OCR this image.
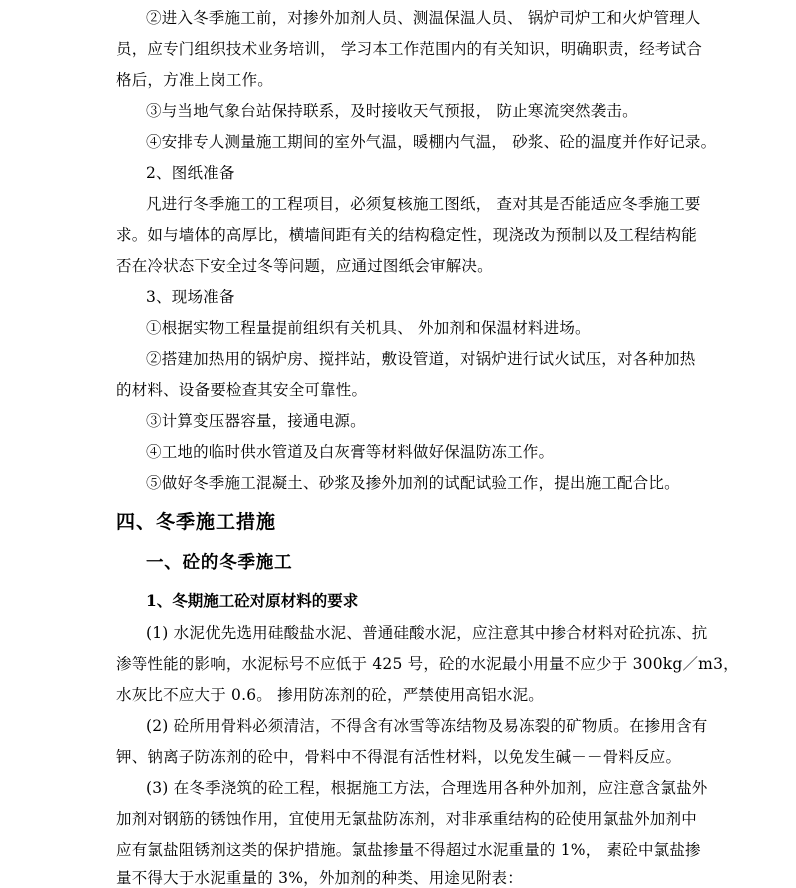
②进入冬季施工前，对掺外加剂人员、测温保温人员、 锅炉司炉工和火炉管理人
员，应专门组织技术业务培训， 学习本工作范围内的有关知识，明确职责，经考试合
格后，方准上岗工作。
③与当地气象台站保持联系，及时接收天气预报， 防止寒流突然袭击。
④安排专人测量施工期间的室外气温，暖棚内气温， 砂浆、砼的温度并作好记录。
2、图纸准备
凡进行冬季施工的工程项目，必须复核施工图纸， 查对其是否能适应冬季施工要
求。如与墙体的高厚比，横墙间距有关的结构稳定性，现浇改为预制以及工程结构能
否在冷状态下安全过冬等问题，应通过图纸会审解决。
3、现场准备
①根据实物工程量提前组织有关机具、 外加剂和保温材料进场。
②搭建加热用的锅炉房、搅拌站，敷设管道，对锅炉进行试火试压，对各种加热
的材料、设备要检查其安全可靠性。
③计算变压器容量，接通电源。
④工地的临时供水管道及白灰膏等材料做好保温防冻工作。
⑤做好冬季施工混凝土、砂浆及掺外加剂的试配试验工作，提出施工配合比。
四、冬季施工措施
一、砼的冬季施工
1、冬期施工砼对原材料的要求
(1) 水泥优先选用硅酸盐水泥、普通硅酸水泥，应注意其中掺合材料对砼抗冻、抗
渗等性能的影响，水泥标号不应低于 425 号，砼的水泥最小用量不应少于 300kg／m3，
水灰比不应大于 0.6。 掺用防冻剂的砼，严禁使用高铝水泥。
(2) 砼所用骨料必须清洁，不得含有冰雪等冻结物及易冻裂的矿物质。在掺用含有
钾、钠离子防冻剂的砼中，骨料中不得混有活性材料，以免发生碱－－骨料反应。
(3) 在冬季浇筑的砼工程，根据施工方法，合理选用各种外加剂，应注意含氯盐外
加剂对钢筋的锈蚀作用，宜使用无氯盐防冻剂，对非承重结构的砼使用氯盐外加剂中
应有氯盐阻锈剂这类的保护措施。氯盐掺量不得超过水泥重量的 1%， 素砼中氯盐掺
量不得大于水泥重量的 3%，外加剂的种类、用途见附表：
